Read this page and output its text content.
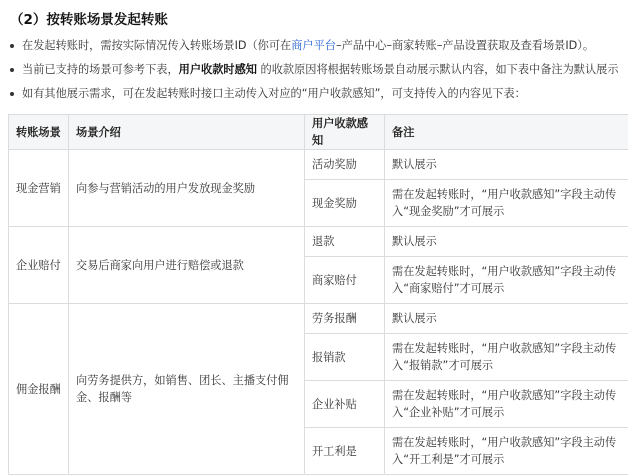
（2）按转账场景发起转账
在发起转账时，需按实际情况传入转账场景ID（你可在商户平台–产品中心–商家转账–产品设置获取及查看场景ID）。
当前已支持的场景可参考下表，用户收款时感知 的收款原因将根据转账场景自动展示默认内容，如下表中备注为默认展示
如有其他展示需求，可在发起转账时接口主动传入对应的“用户收款感知”，可支持传入的内容见下表：
转账场景	场景介绍	用户收款感知	备注
现金营销	向参与营销活动的用户发放现金奖励	活动奖励	默认展示
		现金奖励	需在发起转账时，“用户收款感知”字段主动传入“现金奖励”才可展示

企业赔付	交易后商家向用户进行赔偿或退款	退款	默认展示
		商家赔付	需在发起转账时，“用户收款感知”字段主动传入“商家赔付”才可展示

佣金报酬	向劳务提供方，如销售、团长、主播支付佣金、报酬等	劳务报酬	默认展示
		报销款	需在发起转账时，“用户收款感知”字段主动传入“报销款”才可展示

		企业补贴	需在发起转账时，“用户收款感知”字段主动传入“企业补贴”才可展示

		开工利是	需在发起转账时，“用户收款感知”字段主动传入“开工利是”才可展示
